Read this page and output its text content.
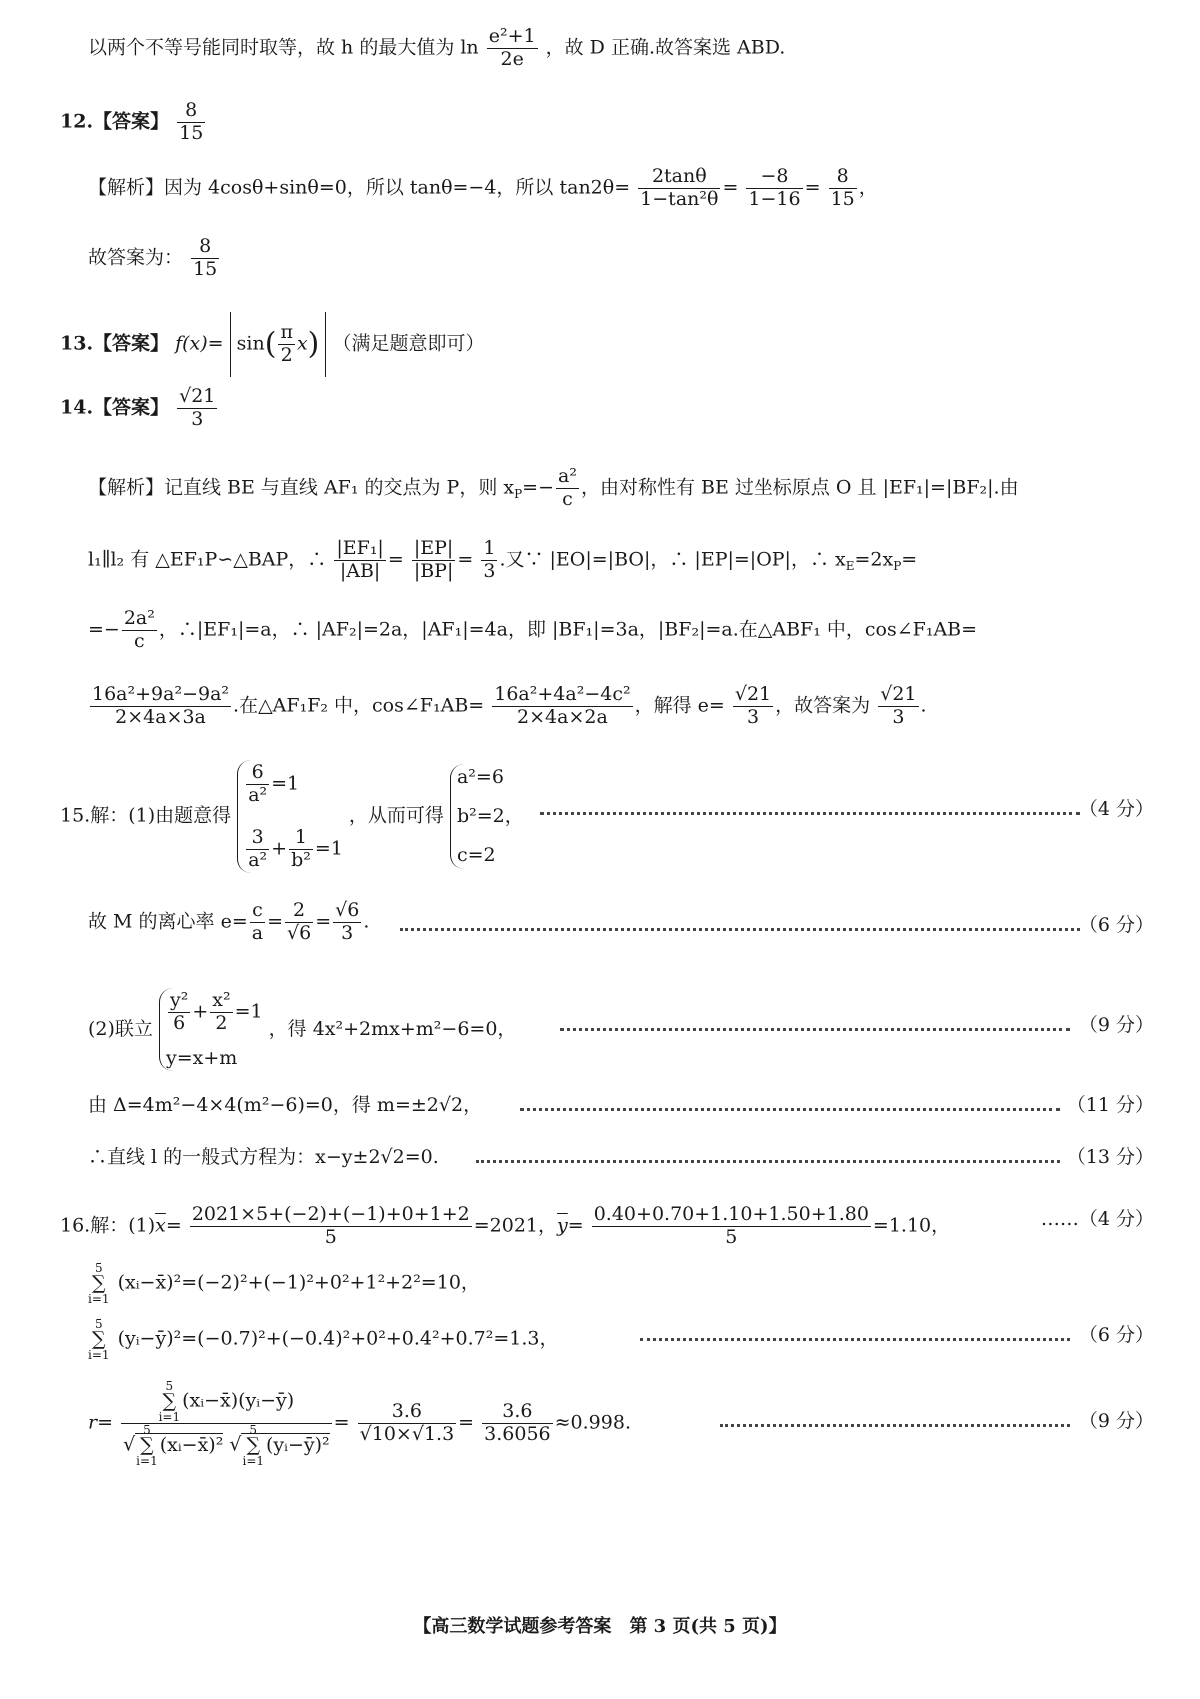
以两个不等号能同时取等，故 h 的最大值为 $\ln \frac{\text{e²+1}}{2e}$ ，故 D 正确.故答案选 ABD.
12.【答案】 $\frac{8}{15}$
【解析】因为 4cosθ+sinθ=0，所以 tanθ=−4，所以 $\tan 2\theta= \frac{2\tan\theta}{\text{1−tan²θ}} = \frac{-8}{1-16} = \frac{8}{15}$ ，
故答案为： $\frac{8}{15}$
13.【答案】 $f(x)= \sin( \frac{\pi}{2} x)$ （满足题意即可）
14.【答案】 $\frac{√21}{3}$
【解析】记直线 BE 与直线 AF₁ 的交点为 P，则 $x_P=- \frac{\text{a²}}{c}$ ，由对称性有 BE 过坐标原点 O 且 |EF₁|=|BF₂|.由
l₁∥l₂ 有 △EF₁P∽△BAP，∴ $\frac{\text{|EF₁|}}{|AB|} = \frac{|EP|}{|BP|} = \frac{1}{3}$ .又∵ |EO|=|BO|，∴ |EP|=|OP|，∴ $x_E=2x_P=$
=− $\frac{\text{2a²}}{c}$ ，∴|EF₁|=a，∴ |AF₂|=2a，|AF₁|=4a，即 |BF₁|=3a，|BF₂|=a.在△ABF₁ 中，cos∠F₁AB=
$\frac{\text{16a²+9a²−9a²}}{2\times 4a\times 3a}$ .在△AF₁F₂ 中，cos∠F₁AB= $\frac{\text{16a²+4a²−4c²}}{2\times 4a\times 2a}$ ，解得 $e= \frac{√21}{3}$ ，故答案为 $\frac{√21}{3}$ .
15.解：(1)由题意得
$\frac{6}{\text{a²}} =1$
$\frac{3}{\text{a²}} + \frac{1}{\text{b²}} =1$
，从而可得
a²=6
b²=2，
c=2
（4 分）
故 M 的离心率 $e= \frac{c}{a} = \frac{2}{√6} = \frac{√6}{3}$ .	（6 分）
(2)联立 $\frac{\text{y²}}{6} + \frac{\text{x²}}{2} =1$
y=x+m
，得 4x²+2mx+m²−6=0，	（9 分）
由 Δ=4m²−4×4(m²−6)=0，得 m=±2√2，	（11 分）
∴直线 l 的一般式方程为：x−y±2√2=0.	（13 分）
16.解：$(1)\overline{x}= \frac{2021\times 5+(-2)+(-1)+0+1+2}{5} =2021$，$\overline{y}= \frac{0.40+0.70+1.10+1.50+1.80}{5} =1.10$，	……（4 分）
5
∑
i=1 (xᵢ−x̄)²=(−2)²+(−1)²+0²+1²+2²=10，
5
∑
i=1 (yᵢ−ȳ)²=(−0.7)²+(−0.4)²+0²+0.4²+0.7²=1.3，	（6 分）
r= 5
∑
i=1(xᵢ−x̄)(yᵢ−ȳ)
√5
∑
i=1(xᵢ−x̄)² √5
∑
i=1(yᵢ−ȳ)² = $\frac{3.6}{√10\times√1.3} = \frac{3.6}{3.6056} \approx 0.998$.	（9 分）
【高三数学试题参考答案　第 3 页(共 5 页)】
